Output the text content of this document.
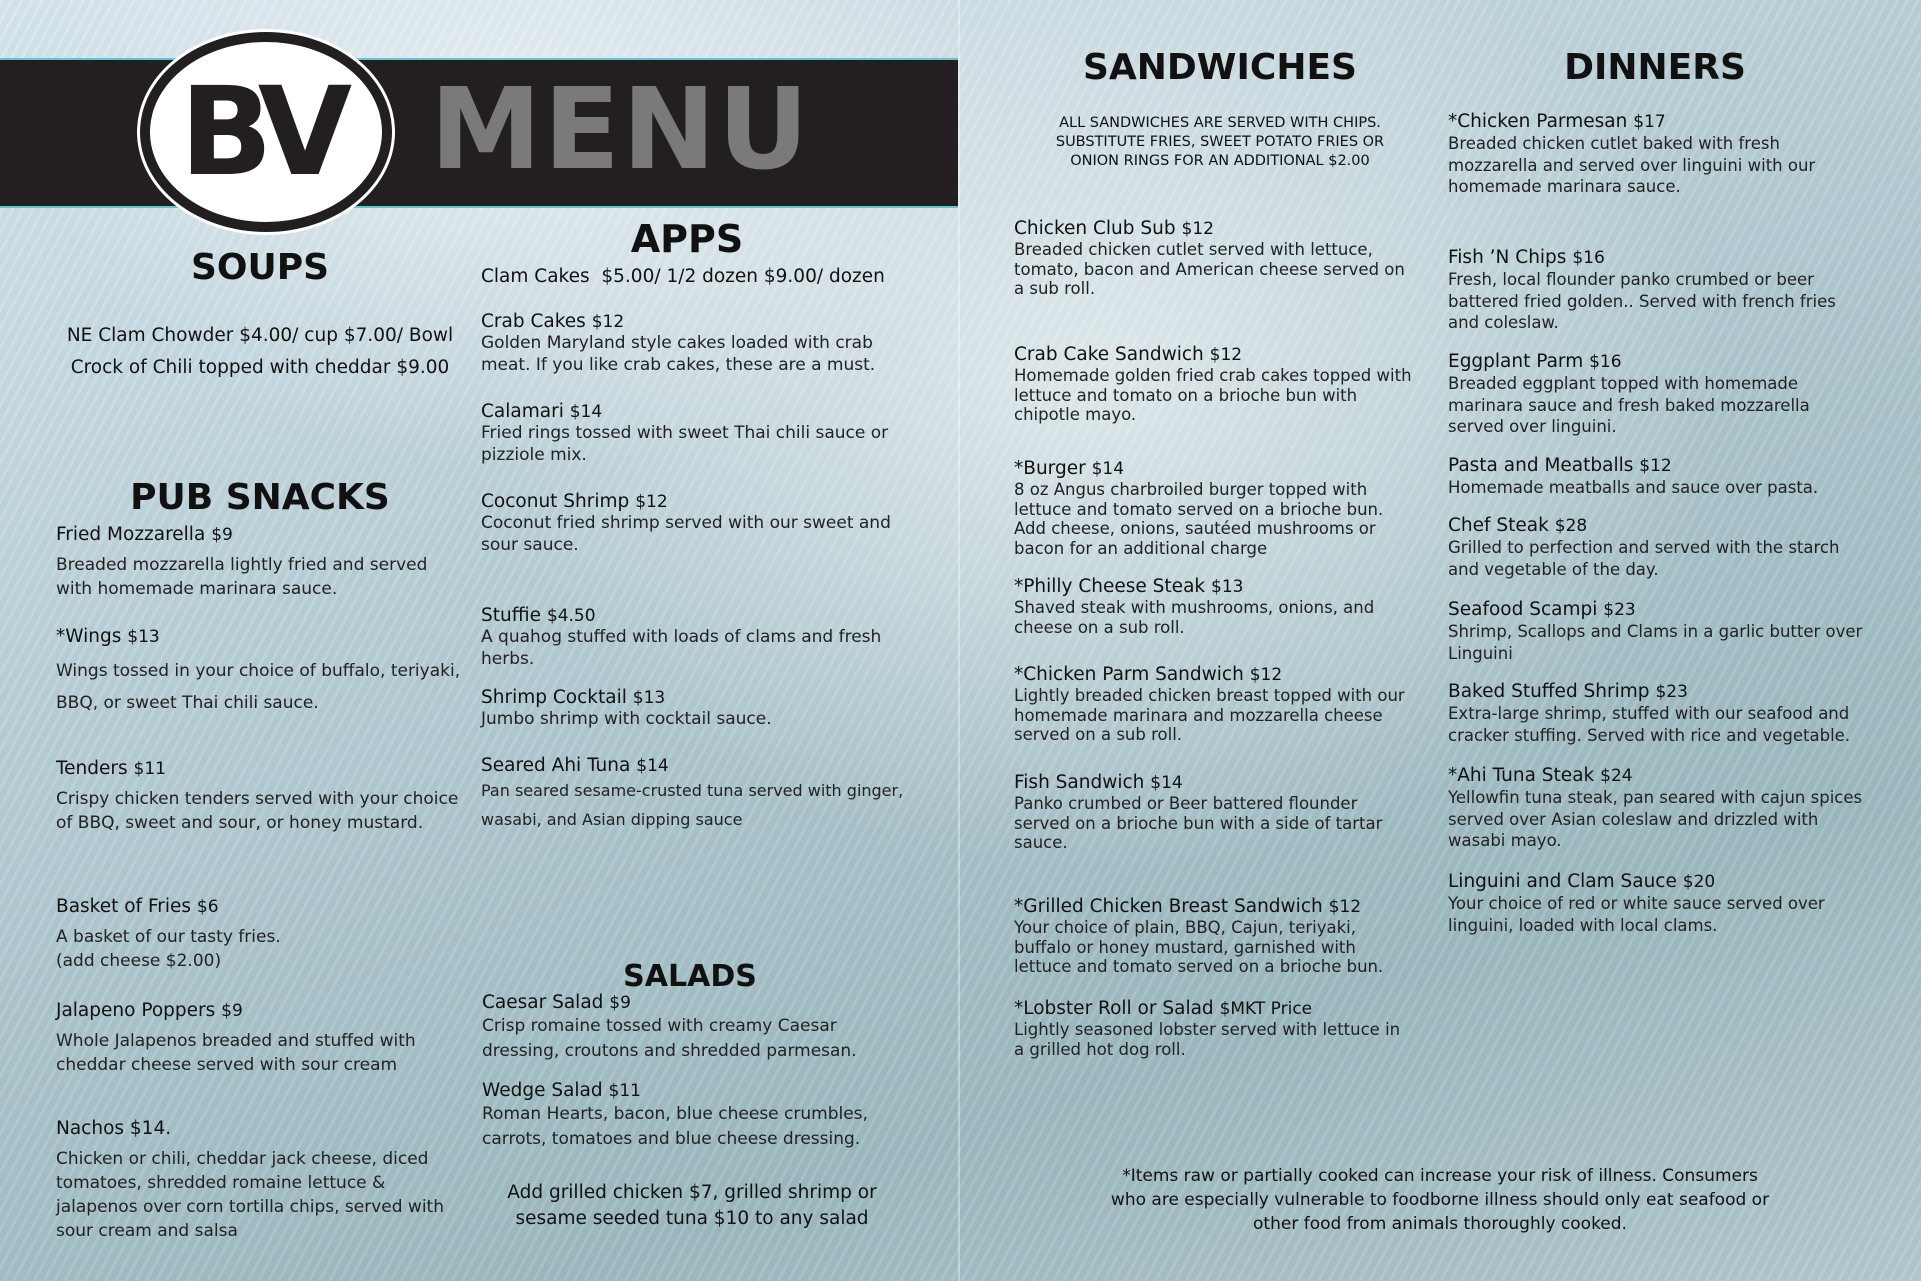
BV MENU
SOUPS
NE Clam Chowder $4.00/ cup $7.00/ Bowl
Crock of Chili topped with cheddar $9.00
PUB SNACKS
Fried Mozzarella $9
Breaded mozzarella lightly fried and served with homemade marinara sauce.
*Wings $13
Wings tossed in your choice of buffalo, teriyaki, BBQ, or sweet Thai chili sauce.
Tenders $11
Crispy chicken tenders served with your choice of BBQ, sweet and sour, or honey mustard.
Basket of Fries $6
A basket of our tasty fries. (add cheese $2.00)
Jalapeno Poppers $9
Whole Jalapenos breaded and stuffed with cheddar cheese served with sour cream
Nachos $14.
Chicken or chili, cheddar jack cheese, diced tomatoes, shredded romaine lettuce & jalapenos over corn tortilla chips, served with sour cream and salsa
APPS
Clam Cakes $5.00/ 1/2 dozen $9.00/ dozen
Crab Cakes $12
Golden Maryland style cakes loaded with crab meat. If you like crab cakes, these are a must.
Calamari $14
Fried rings tossed with sweet Thai chili sauce or pizziole mix.
Coconut Shrimp $12
Coconut fried shrimp served with our sweet and sour sauce.
Stuffie $4.50
A quahog stuffed with loads of clams and fresh herbs.
Shrimp Cocktail $13
Jumbo shrimp with cocktail sauce.
Seared Ahi Tuna $14
Pan seared sesame-crusted tuna served with ginger, wasabi, and Asian dipping sauce
SALADS
Caesar Salad $9
Crisp romaine tossed with creamy Caesar dressing, croutons and shredded parmesan.
Wedge Salad $11
Roman Hearts, bacon, blue cheese crumbles, carrots, tomatoes and blue cheese dressing.
Add grilled chicken $7, grilled shrimp or sesame seeded tuna $10 to any salad
SANDWICHES
ALL SANDWICHES ARE SERVED WITH CHIPS. SUBSTITUTE FRIES, SWEET POTATO FRIES OR ONION RINGS FOR AN ADDITIONAL $2.00
Chicken Club Sub $12
Breaded chicken cutlet served with lettuce, tomato, bacon and American cheese served on a sub roll.
Crab Cake Sandwich $12
Homemade golden fried crab cakes topped with lettuce and tomato on a brioche bun with chipotle mayo.
*Burger $14
8 oz Angus charbroiled burger topped with lettuce and tomato served on a brioche bun. Add cheese, onions, sautéed mushrooms or bacon for an additional charge
*Philly Cheese Steak $13
Shaved steak with mushrooms, onions, and cheese on a sub roll.
*Chicken Parm Sandwich $12
Lightly breaded chicken breast topped with our homemade marinara and mozzarella cheese served on a sub roll.
Fish Sandwich $14
Panko crumbed or Beer battered flounder served on a brioche bun with a side of tartar sauce.
*Grilled Chicken Breast Sandwich $12
Your choice of plain, BBQ, Cajun, teriyaki, buffalo or honey mustard, garnished with lettuce and tomato served on a brioche bun.
*Lobster Roll or Salad $MKT Price
Lightly seasoned lobster served with lettuce in a grilled hot dog roll.
DINNERS
*Chicken Parmesan $17
Breaded chicken cutlet baked with fresh mozzarella and served over linguini with our homemade marinara sauce.
Fish ’N Chips $16
Fresh, local flounder panko crumbed or beer battered fried golden.. Served with french fries and coleslaw.
Eggplant Parm $16
Breaded eggplant topped with homemade marinara sauce and fresh baked mozzarella served over linguini.
Pasta and Meatballs $12
Homemade meatballs and sauce over pasta.
Chef Steak $28
Grilled to perfection and served with the starch and vegetable of the day.
Seafood Scampi $23
Shrimp, Scallops and Clams in a garlic butter over Linguini
Baked Stuffed Shrimp $23
Extra-large shrimp, stuffed with our seafood and cracker stuffing. Served with rice and vegetable.
*Ahi Tuna Steak $24
Yellowfin tuna steak, pan seared with cajun spices served over Asian coleslaw and drizzled with wasabi mayo.
Linguini and Clam Sauce $20
Your choice of red or white sauce served over linguini, loaded with local clams.
*Items raw or partially cooked can increase your risk of illness. Consumers who are especially vulnerable to foodborne illness should only eat seafood or other food from animals thoroughly cooked.
